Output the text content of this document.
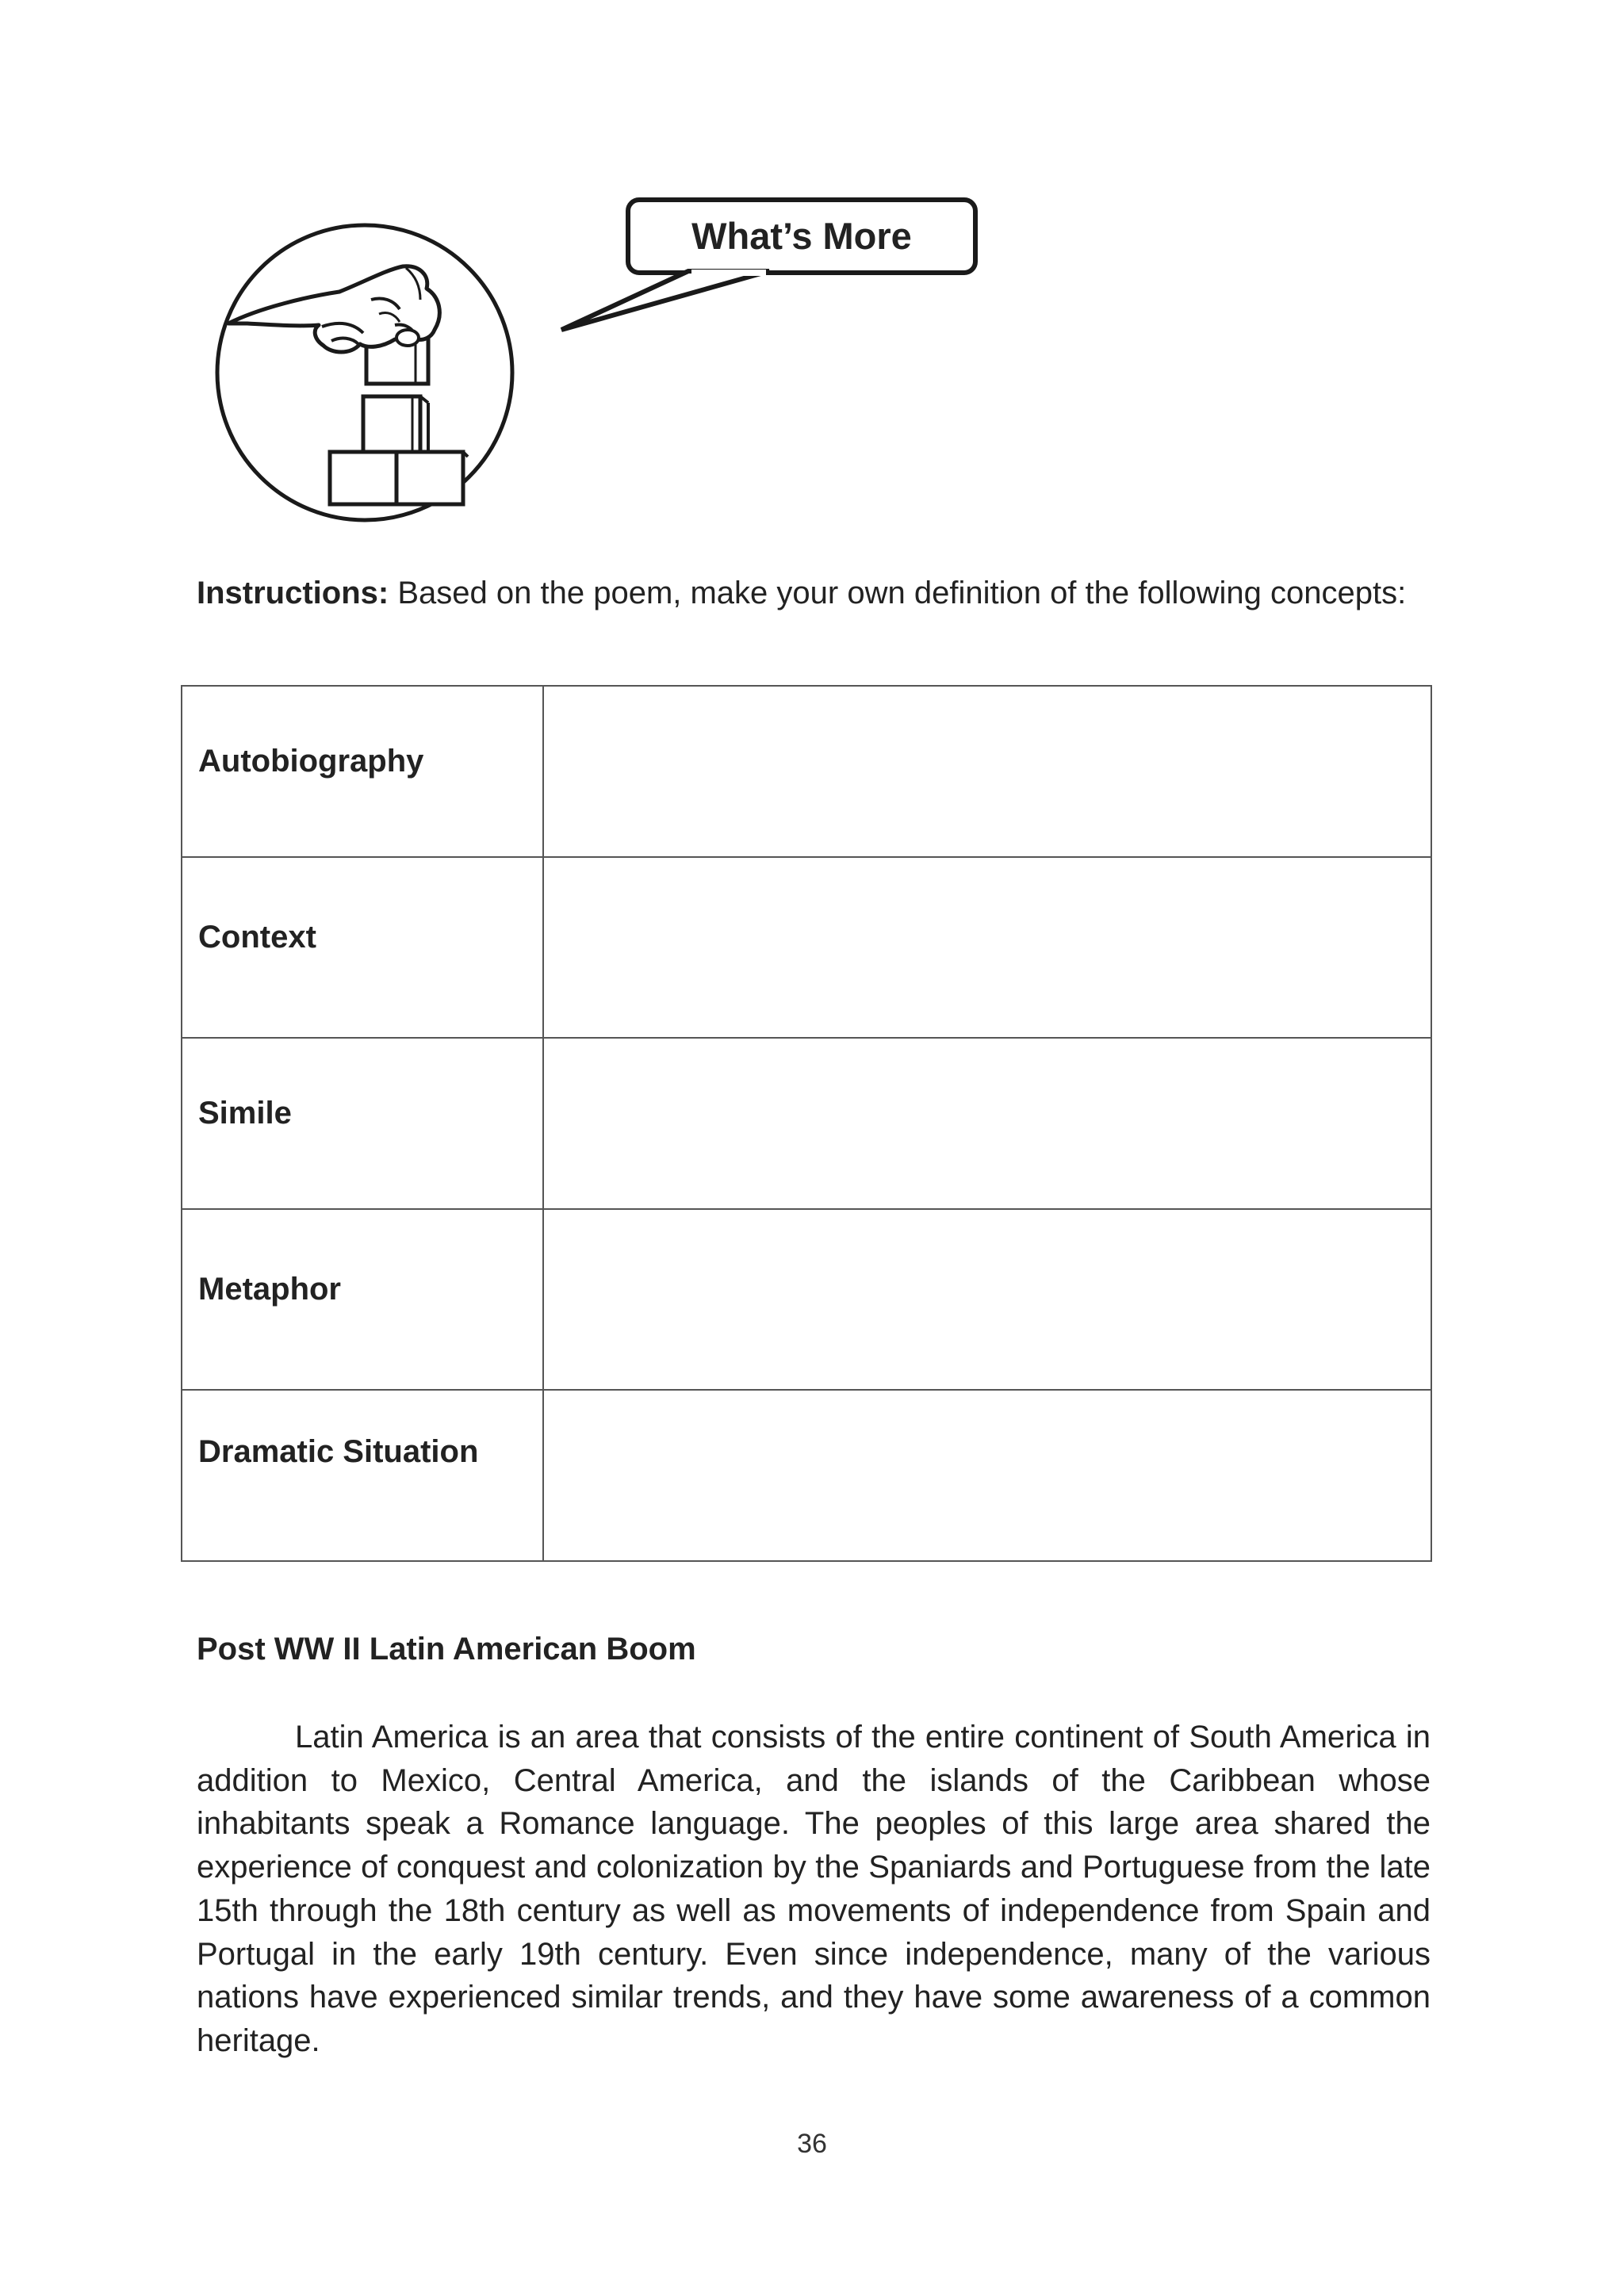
What’s More
Instructions: Based on the poem, make your own definition of the following concepts:
Autobiography	

Context	

Simile	

Metaphor	

Dramatic Situation	

Post WW II Latin American Boom
Latin America is an area that consists of the entire continent of South America in addition to Mexico, Central America, and the islands of the Caribbean whose inhabitants speak a Romance language. The peoples of this large area shared the experience of conquest and colonization by the Spaniards and Portuguese from the late 15th through the 18th century as well as movements of independence from Spain and Portugal in the early 19th century. Even since independence, many of the various nations have experienced similar trends, and they have some awareness of a common heritage.
36
